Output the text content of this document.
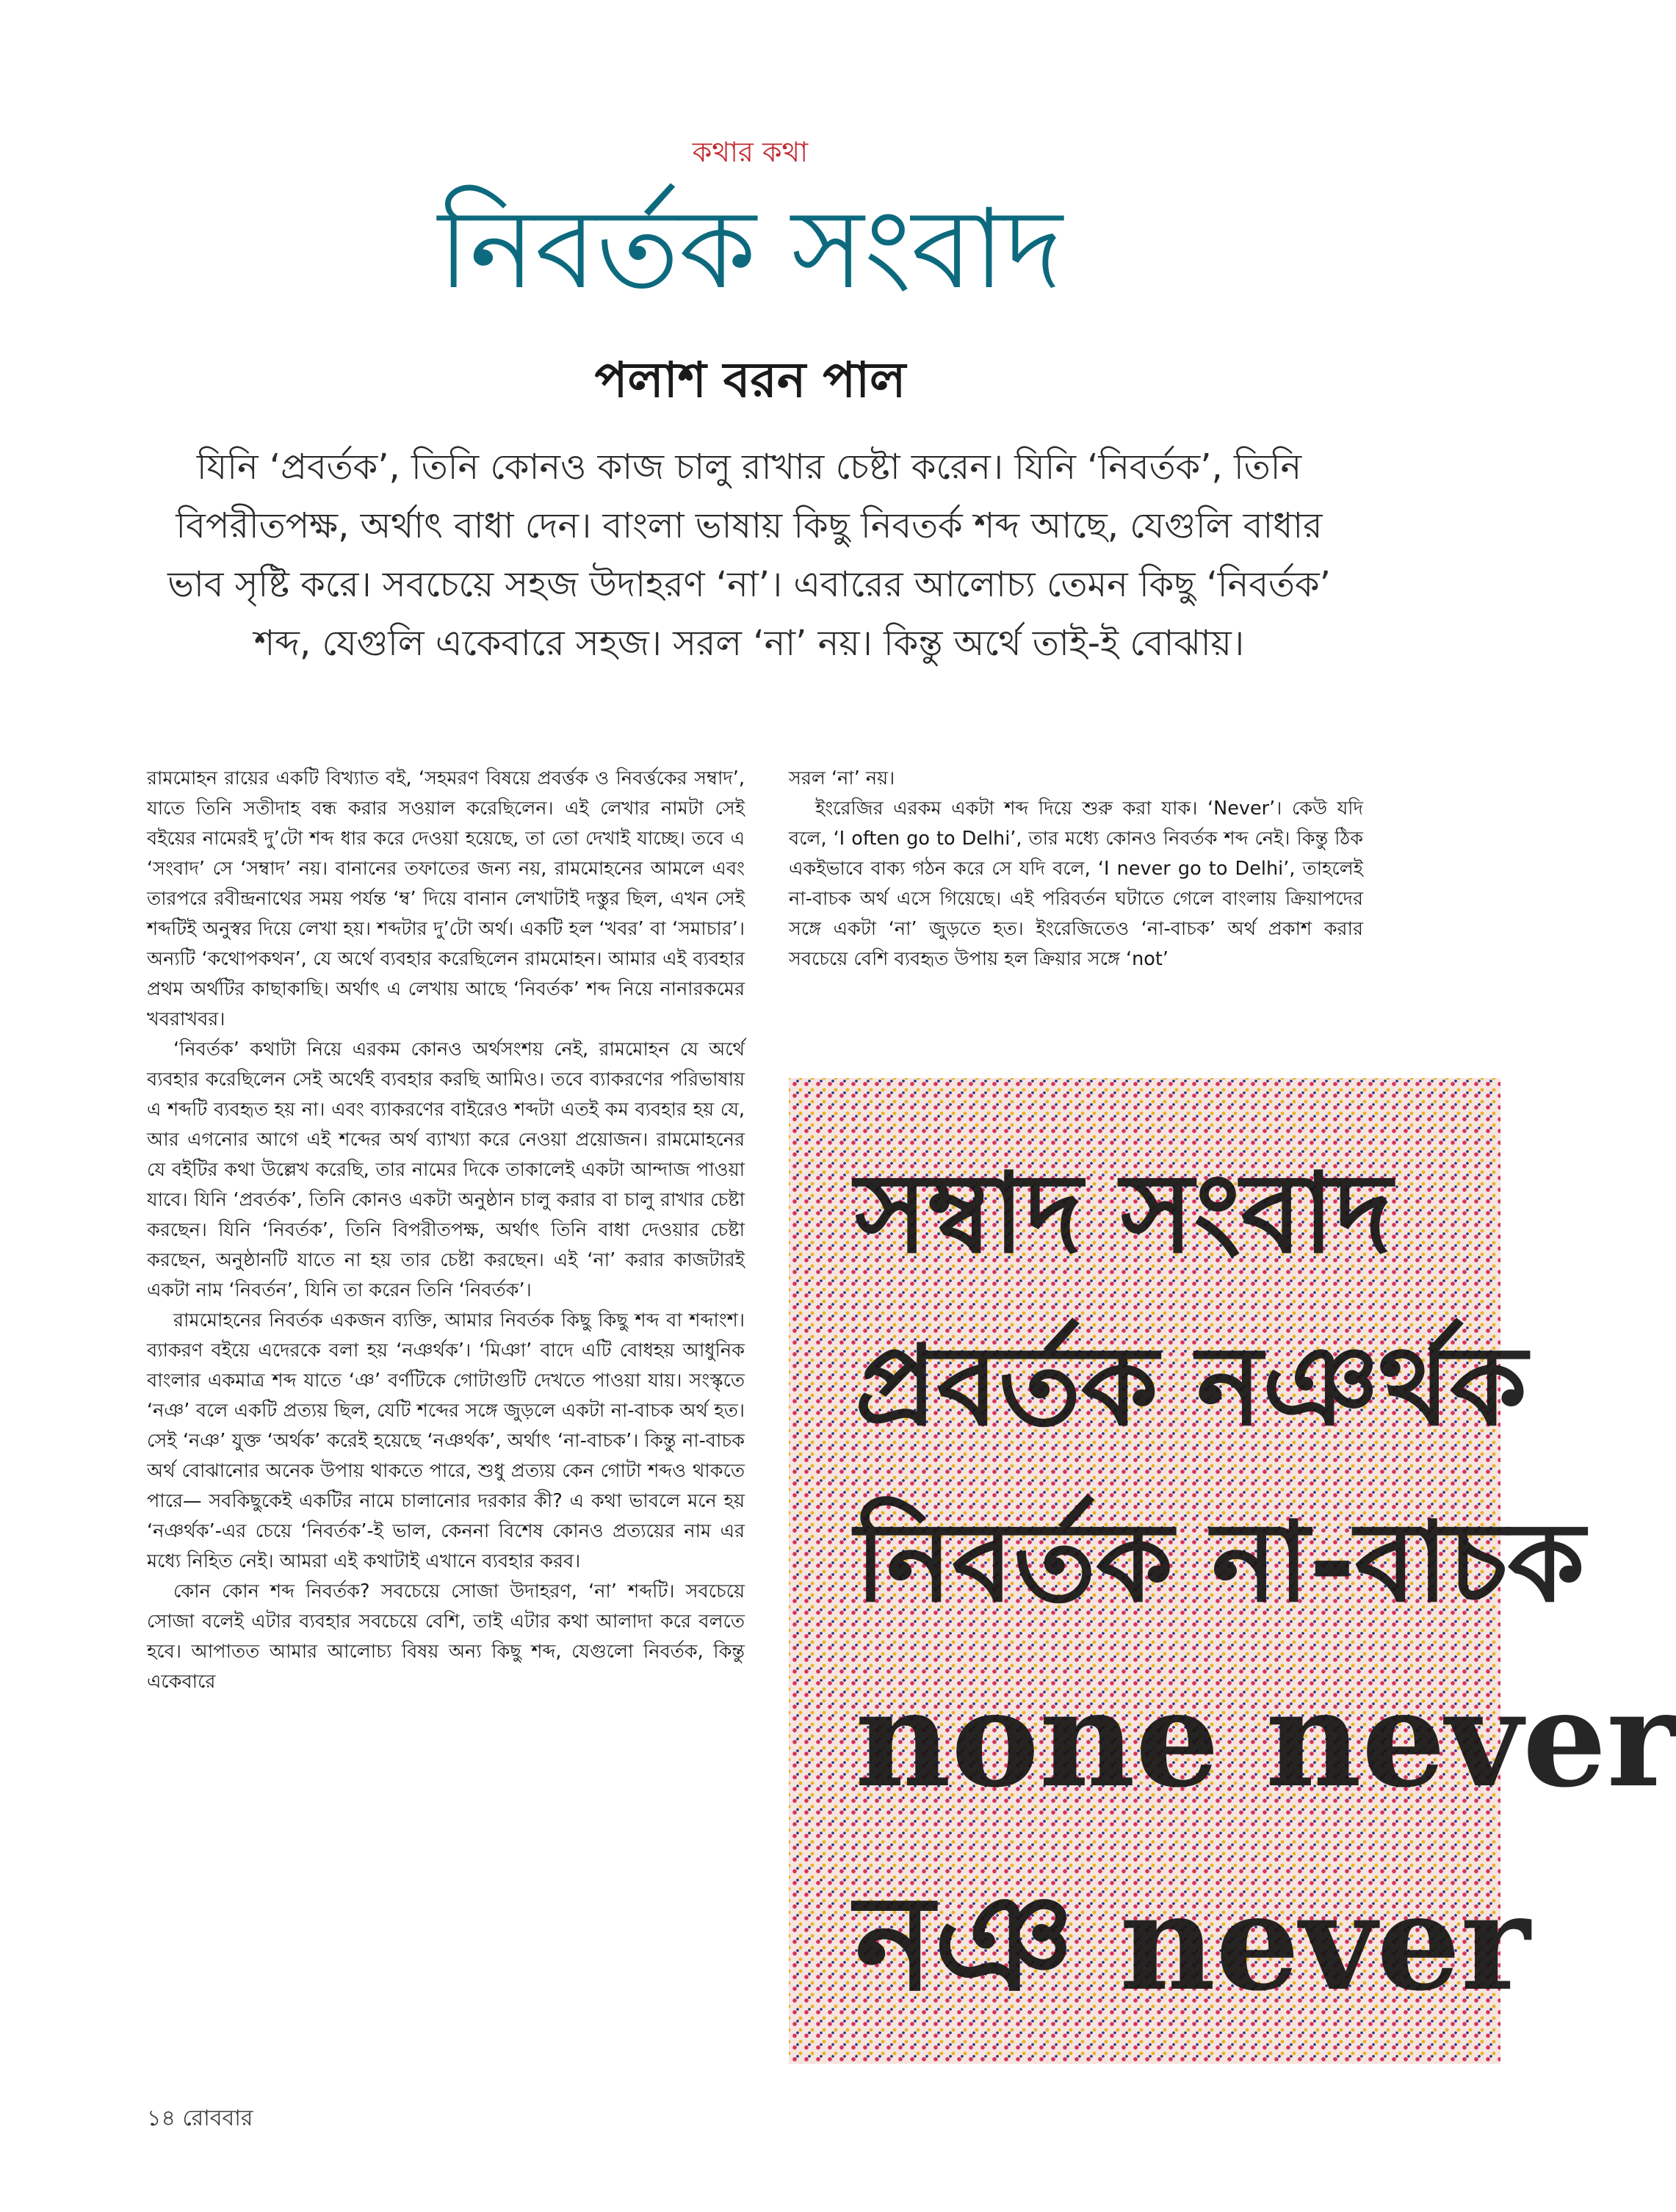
কথার কথা
নিবর্তক সংবাদ
পলাশ বরন পাল

যিনি ‘প্রবর্তক’, তিনি কোনও কাজ চালু রাখার চেষ্টা করেন। যিনি ‘নিবর্তক’, তিনি বিপরীতপক্ষ, অর্থাৎ বাধা দেন। বাংলা ভাষায় কিছু নিবতর্ক শব্দ আছে, যেগুলি বাধার ভাব সৃষ্টি করে। সবচেয়ে সহজ উদাহরণ ‘না’। এবারের আলোচ্য তেমন কিছু ‘নিবর্তক’ শব্দ, যেগুলি একেবারে সহজ। সরল ‘না’ নয়। কিন্তু অর্থে তাই-ই বোঝায়।

রামমোহন রায়ের একটি বিখ্যাত বই, ‘সহমরণ বিষয়ে প্রবর্ত্তক ও নিবর্ত্তকের সম্বাদ’, যাতে তিনি সতীদাহ বন্ধ করার সওয়াল করেছিলেন। এই লেখার নামটা সেই বইয়ের নামেরই দু’টো শব্দ ধার করে দেওয়া হয়েছে, তা তো দেখাই যাচ্ছে। তবে এ ‘সংবাদ’ সে ‘সম্বাদ’ নয়। বানানের তফাতের জন্য নয়, রামমোহনের আমলে এবং তারপরে রবীন্দ্রনাথের সময় পর্যন্ত ‘ম্ব’ দিয়ে বানান লেখাটাই দস্তুর ছিল, এখন সেই শব্দটিই অনুস্বর দিয়ে লেখা হয়। শব্দটার দু’টো অর্থ। একটি হল ‘খবর’ বা ‘সমাচার’। অন্যটি ‘কথোপকথন’, যে অর্থে ব্যবহার করেছিলেন রামমোহন। আমার এই ব্যবহার প্রথম অর্থটির কাছাকাছি। অর্থাৎ এ লেখায় আছে ‘নিবর্তক’ শব্দ নিয়ে নানারকমের খবরাখবর।

‘নিবর্তক’ কথাটা নিয়ে এরকম কোনও অর্থসংশয় নেই, রামমোহন যে অর্থে ব্যবহার করেছিলেন সেই অর্থেই ব্যবহার করছি আমিও। তবে ব্যাকরণের পরিভাষায় এ শব্দটি ব্যবহৃত হয় না। এবং ব্যাকরণের বাইরেও শব্দটা এতই কম ব্যবহার হয় যে, আর এগনোর আগে এই শব্দের অর্থ ব্যাখ্যা করে নেওয়া প্রয়োজন। রামমোহনের যে বইটির কথা উল্লেখ করেছি, তার নামের দিকে তাকালেই একটা আন্দাজ পাওয়া যাবে। যিনি ‘প্রবর্তক’, তিনি কোনও একটা অনুষ্ঠান চালু করার বা চালু রাখার চেষ্টা করছেন। যিনি ‘নিবর্তক’, তিনি বিপরীতপক্ষ, অর্থাৎ তিনি বাধা দেওয়ার চেষ্টা করছেন, অনুষ্ঠানটি যাতে না হয় তার চেষ্টা করছেন। এই ‘না’ করার কাজটারই একটা নাম ‘নিবর্তন’, যিনি তা করেন তিনি ‘নিবর্তক’।

রামমোহনের নিবর্তক একজন ব্যক্তি, আমার নিবর্তক কিছু কিছু শব্দ বা শব্দাংশ। ব্যাকরণ বইয়ে এদেরকে বলা হয় ‘নঞর্থক’। ‘মিঞা’ বাদে এটি বোধহয় আধুনিক বাংলার একমাত্র শব্দ যাতে ‘ঞ’ বর্ণটিকে গোটাগুটি দেখতে পাওয়া যায়। সংস্কৃতে ‘নঞ’ বলে একটি প্রত্যয় ছিল, যেটি শব্দের সঙ্গে জুড়লে একটা না-বাচক অর্থ হত। সেই ‘নঞ’ যুক্ত ‘অর্থক’ করেই হয়েছে ‘নঞর্থক’, অর্থাৎ ‘না-বাচক’। কিন্তু না-বাচক অর্থ বোঝানোর অনেক উপায় থাকতে পারে, শুধু প্রত্যয় কেন গোটা শব্দও থাকতে পারে— সবকিছুকেই একটির নামে চালানোর দরকার কী? এ কথা ভাবলে মনে হয় ‘নঞর্থক’-এর চেয়ে ‘নিবর্তক’-ই ভাল, কেননা বিশেষ কোনও প্রত্যয়ের নাম এর মধ্যে নিহিত নেই। আমরা এই কথাটাই এখানে ব্যবহার করব।

কোন কোন শব্দ নিবর্তক? সবচেয়ে সোজা উদাহরণ, ‘না’ শব্দটি। সবচেয়ে সোজা বলেই এটার ব্যবহার সবচেয়ে বেশি, তাই এটার কথা আলাদা করে বলতে হবে। আপাতত আমার আলোচ্য বিষয় অন্য কিছু শব্দ, যেগুলো নিবর্তক, কিন্তু একেবারে

সরল ‘না’ নয়।

ইংরেজির এরকম একটা শব্দ দিয়ে শুরু করা যাক। ‘Never’। কেউ যদি বলে, ‘I often go to Delhi’, তার মধ্যে কোনও নিবর্তক শব্দ নেই। কিন্তু ঠিক একইভাবে বাক্য গঠন করে সে যদি বলে, ‘I never go to Delhi’, তাহলেই না-বাচক অর্থ এসে গিয়েছে। এই পরিবর্তন ঘটাতে গেলে বাংলায় ক্রিয়াপদের সঙ্গে একটা ‘না’ জুড়তে হত। ইংরেজিতেও ‘না-বাচক’ অর্থ প্রকাশ করার সবচেয়ে বেশি ব্যবহৃত উপায় হল ক্রিয়ার সঙ্গে ‘not’

সম্বাদ সংবাদ
প্রবর্তক নঞর্থক
নিবর্তক না-বাচক
none never
নঞ never
১৪ রোববার
